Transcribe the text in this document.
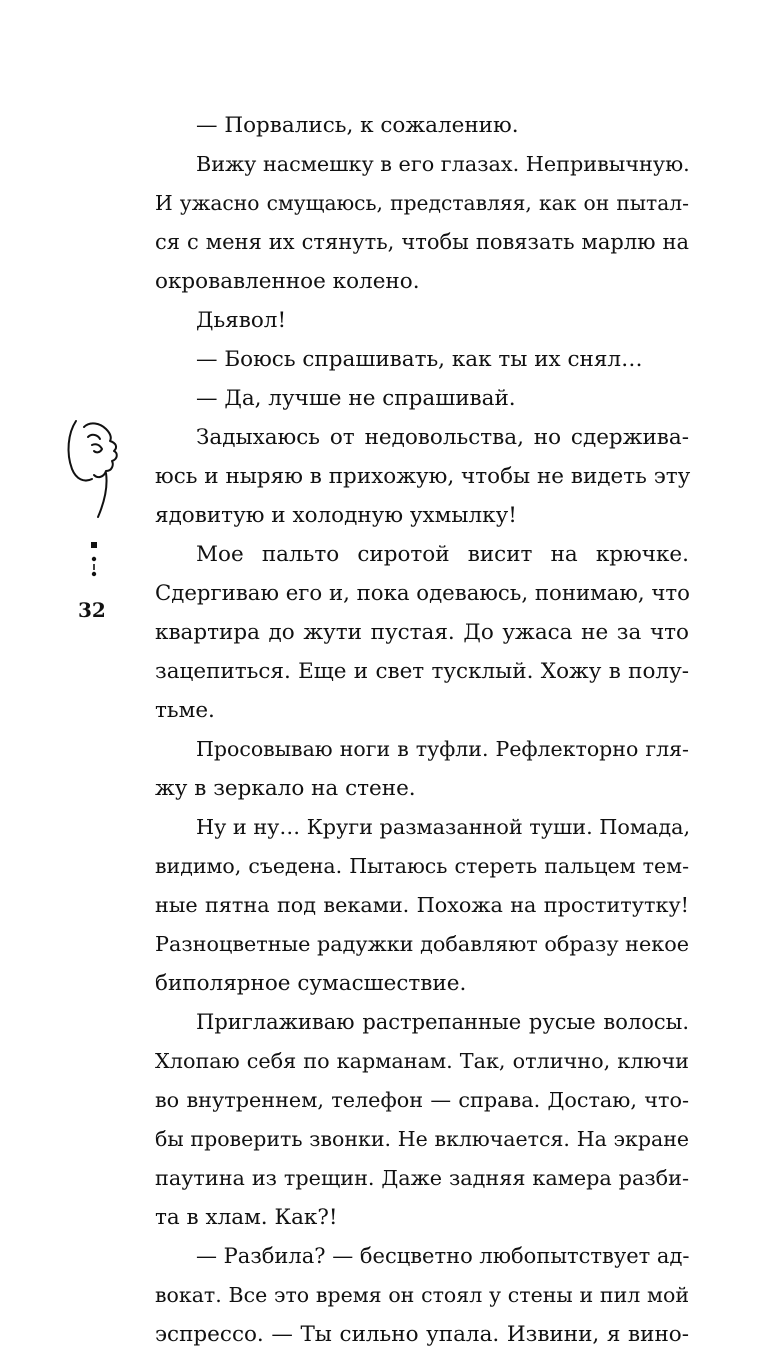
32
— Порвались, к сожалению.
Вижу насмешку в его глазах. Непривычную.
И ужасно смущаюсь, представляя, как он пытал-
ся с меня их стянуть, чтобы повязать марлю на
окровавленное колено.
Дьявол!
— Боюсь спрашивать, как ты их снял…
— Да, лучше не спрашивай.
Задыхаюсь от недовольства, но сдержива-
юсь и ныряю в прихожую, чтобы не видеть эту
ядовитую и холодную ухмылку!
Мое пальто сиротой висит на крючке.
Сдергиваю его и, пока одеваюсь, понимаю, что
квартира до жути пустая. До ужаса не за что
зацепиться. Еще и свет тусклый. Хожу в полу-
тьме.
Просовываю ноги в туфли. Рефлекторно гля-
жу в зеркало на стене.
Ну и ну… Круги размазанной туши. Помада,
видимо, съедена. Пытаюсь стереть пальцем тем-
ные пятна под веками. Похожа на проститутку!
Разноцветные радужки добавляют образу некое
биполярное сумасшествие.
Приглаживаю растрепанные русые волосы.
Хлопаю себя по карманам. Так, отлично, ключи
во внутреннем, телефон — справа. Достаю, что-
бы проверить звонки. Не включается. На экране
паутина из трещин. Даже задняя камера разби-
та в хлам. Как?!
— Разбила? — бесцветно любопытствует ад-
вокат. Все это время он стоял у стены и пил мой
эспрессо. — Ты сильно упала. Извини, я вино-
